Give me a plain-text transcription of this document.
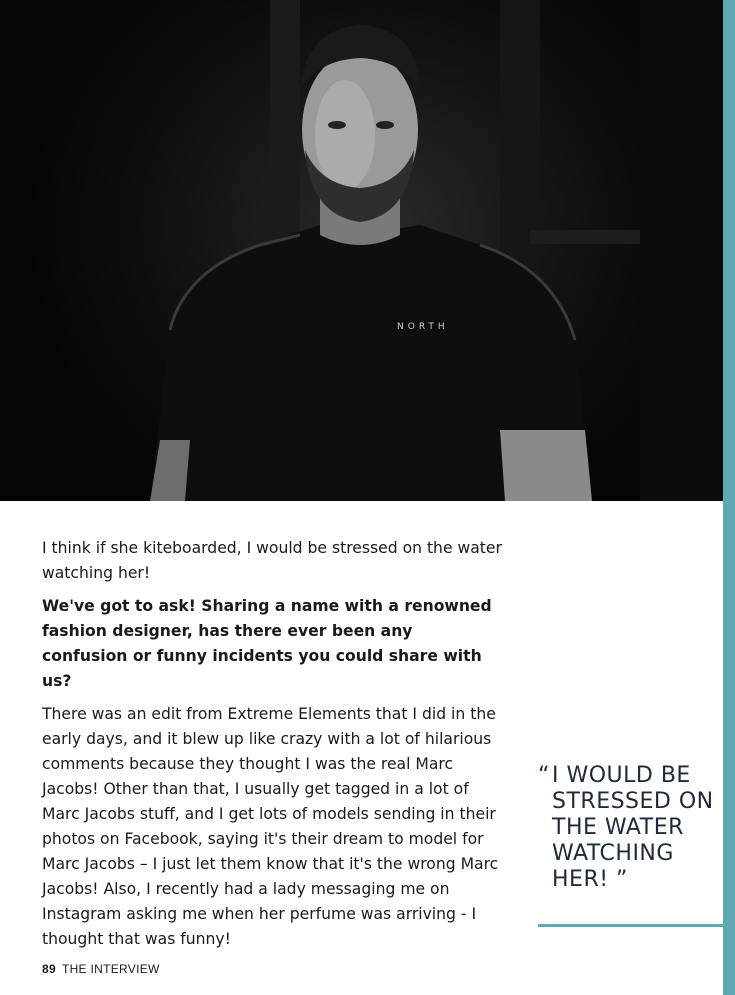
NORTH

I think if she kiteboarded, I would be stressed on the water watching her!

We've got to ask! Sharing a name with a renowned fashion designer, has there ever been any confusion or funny incidents you could share with us?

There was an edit from Extreme Elements that I did in the early days, and it blew up like crazy with a lot of hilarious comments because they thought I was the real Marc Jacobs! Other than that, I usually get tagged in a lot of Marc Jacobs stuff, and I get lots of models sending in their photos on Facebook, saying it's their dream to model for Marc Jacobs – I just let them know that it's the wrong Marc Jacobs! Also, I recently had a lady messaging me on Instagram asking me when her perfume was arriving - I thought that was funny!

“ I WOULD BE STRESSED ON THE WATER WATCHING HER! ”
89 THE INTERVIEW
